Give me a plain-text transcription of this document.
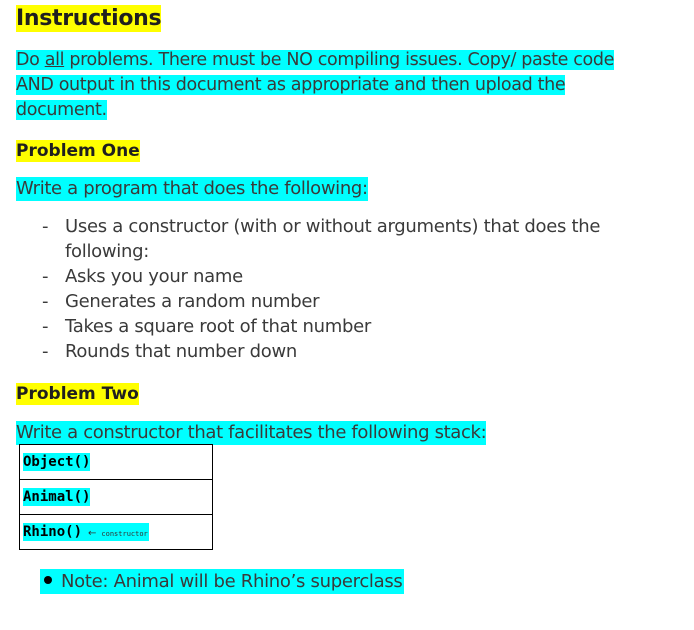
Instructions
Do all problems. There must be NO compiling issues. Copy/ paste code AND output in this document as appropriate and then upload the document.
Problem One
Write a program that does the following:
- Uses a constructor (with or without arguments) that does the following:
- Asks you your name
- Generates a random number
- Takes a square root of that number
- Rounds that number down
Problem Two
Write a constructor that facilitates the following stack:
Object()
Animal()
Rhino() ← constructor
Note: Animal will be Rhino’s superclass
